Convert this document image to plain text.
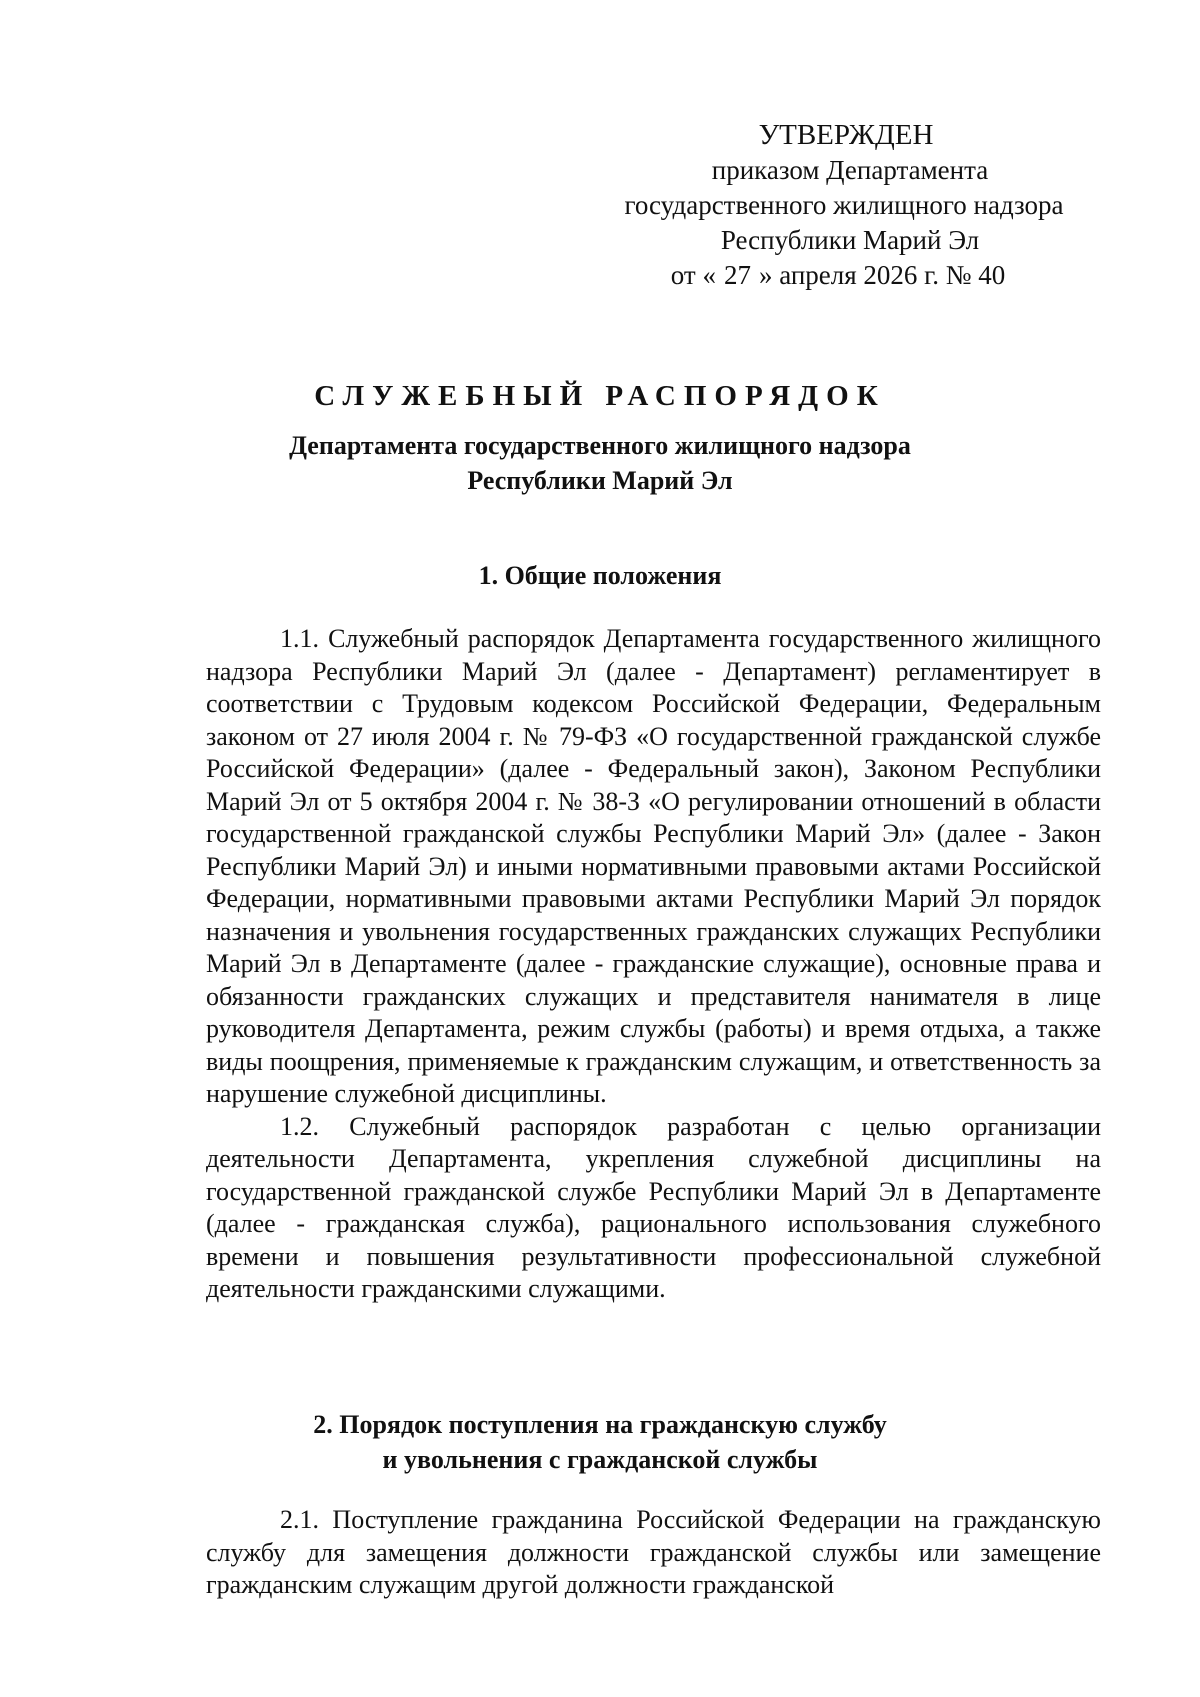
УТВЕРЖДЕН
приказом Департамента
государственного жилищного надзора
Республики Марий Эл
от « 27 » апреля 2026 г. № 40
СЛУЖЕБНЫЙ РАСПОРЯДОК
Департамента государственного жилищного надзора
Республики Марий Эл
1. Общие положения

1.1. Служебный распорядок Департамента государственного жилищного надзора Республики Марий Эл (далее - Департамент) регламентирует в соответствии с Трудовым кодексом Российской Федерации, Федеральным законом от 27 июля 2004 г. № 79-ФЗ «О государственной гражданской службе Российской Федерации» (далее - Федеральный закон), Законом Республики Марий Эл от 5 октября 2004 г. № 38-З «О регулировании отношений в области государственной гражданской службы Республики Марий Эл» (далее - Закон Республики Марий Эл) и иными нормативными правовыми актами Российской Федерации, нормативными правовыми актами Республики Марий Эл порядок назначения и увольнения государственных гражданских служащих Республики Марий Эл в Департаменте (далее - гражданские служащие), основные права и обязанности гражданских служащих и представителя нанимателя в лице руководителя Департамента, режим службы (работы) и время отдыха, а также виды поощрения, применяемые к гражданским служащим, и ответственность за нарушение служебной дисциплины.

1.2. Служебный распорядок разработан с целью организации деятельности Департамента, укрепления служебной дисциплины на государственной гражданской службе Республики Марий Эл в Департаменте (далее - гражданская служба), рационального использования служебного времени и повышения результативности профессиональной служебной деятельности гражданскими служащими.

2. Порядок поступления на гражданскую службу
и увольнения с гражданской службы

2.1. Поступление гражданина Российской Федерации на гражданскую службу для замещения должности гражданской службы или замещение гражданским служащим другой должности гражданской
